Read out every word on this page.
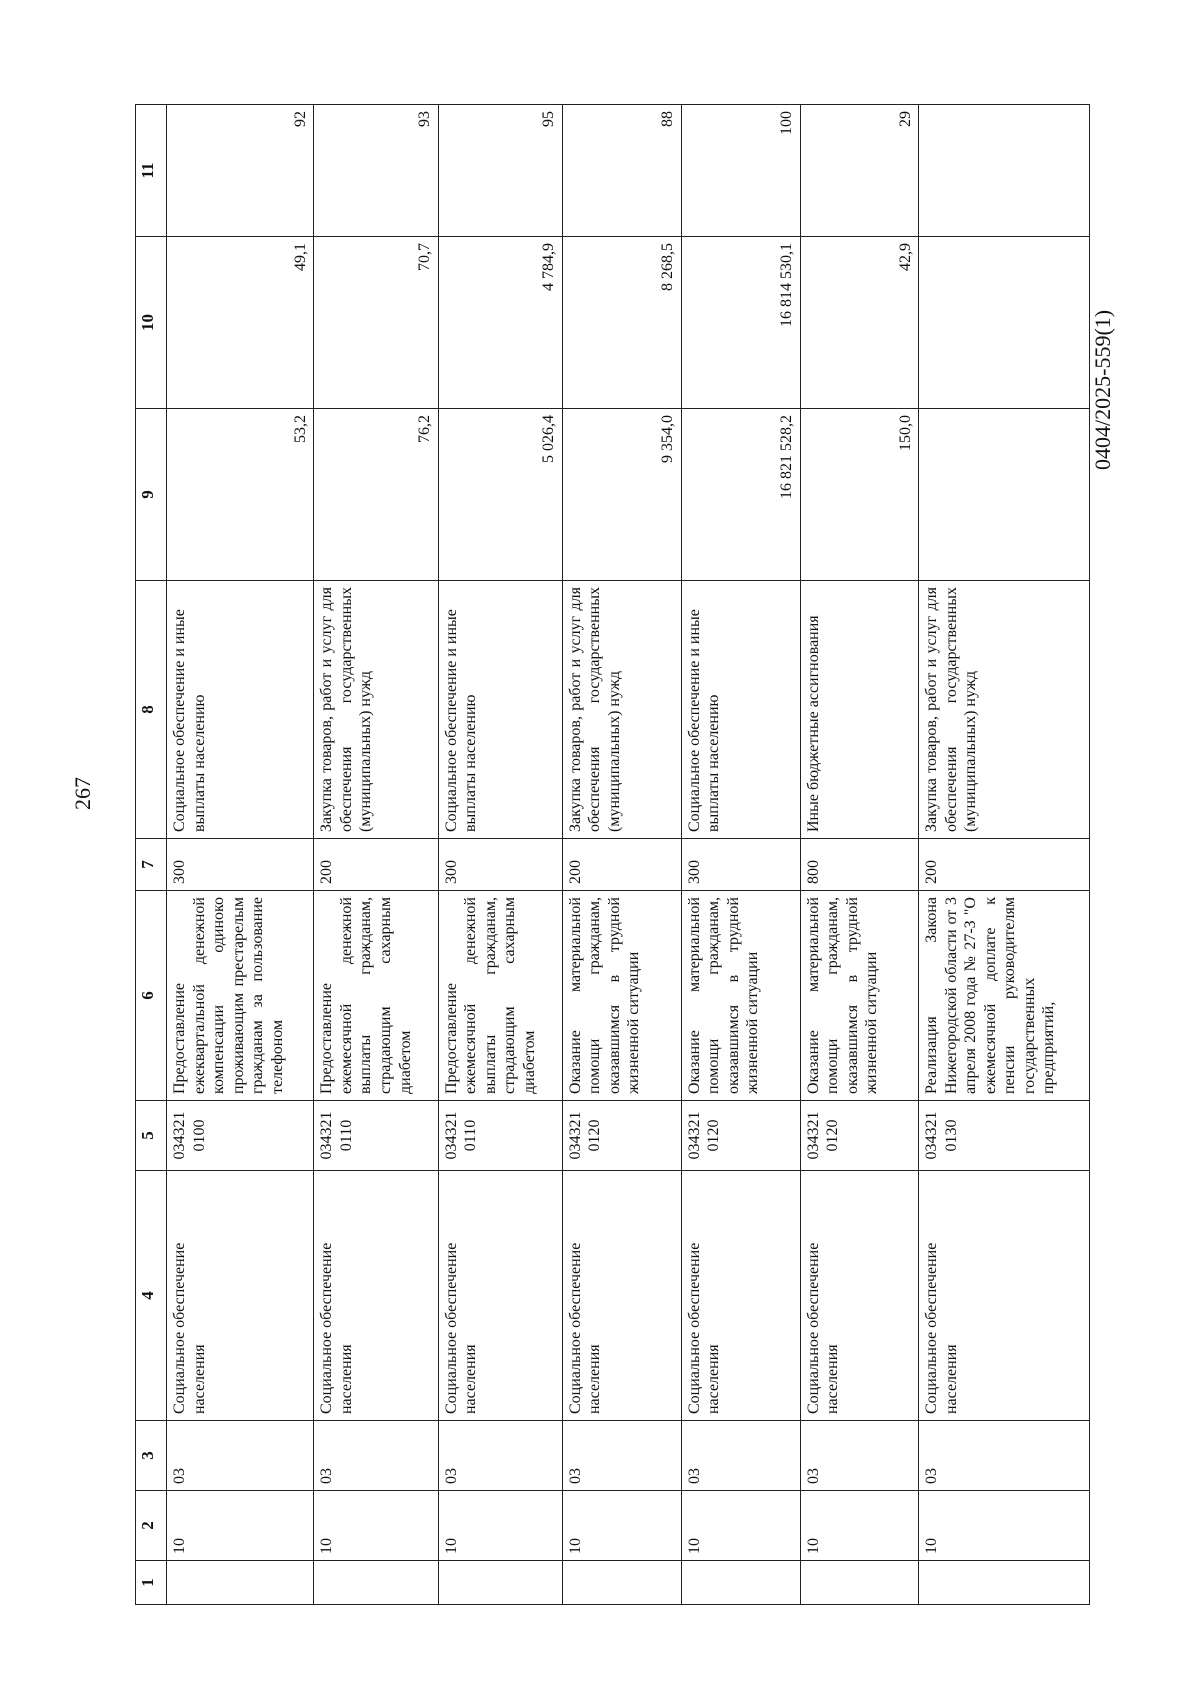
267
0404/2025-559(1)
1	2	3	4	5	6	7	8	9	10	11
	10	03	Социальное обеспечение населения	034321 0100	Предоставление ежеквартальной денежной компенсации одиноко проживающим престарелым гражданам за пользование телефоном	300	Социальное обеспечение и иные выплаты населению	53,2	49,1	92
	10	03	Социальное обеспечение населения	034321 0110	Предоставление ежемесячной денежной выплаты гражданам, страдающим сахарным диабетом	200	Закупка товаров, работ и услуг для обеспечения государственных (муниципальных) нужд	76,2	70,7	93
	10	03	Социальное обеспечение населения	034321 0110	Предоставление ежемесячной денежной выплаты гражданам, страдающим сахарным диабетом	300	Социальное обеспечение и иные выплаты населению	5 026,4	4 784,9	95
	10	03	Социальное обеспечение населения	034321 0120	Оказание материальной помощи гражданам, оказавшимся в трудной жизненной ситуации	200	Закупка товаров, работ и услуг для обеспечения государственных (муниципальных) нужд	9 354,0	8 268,5	88
	10	03	Социальное обеспечение населения	034321 0120	Оказание материальной помощи гражданам, оказавшимся в трудной жизненной ситуации	300	Социальное обеспечение и иные выплаты населению	16 821 528,2	16 814 530,1	100
	10	03	Социальное обеспечение населения	034321 0120	Оказание материальной помощи гражданам, оказавшимся в трудной жизненной ситуации	800	Иные бюджетные ассигнования	150,0	42,9	29
	10	03	Социальное обеспечение населения	034321 0130	Реализация Закона Нижегородской области от 3 апреля 2008 года № 27-З "О ежемесячной доплате к пенсии руководителям государственных предприятий,	200	Закупка товаров, работ и услуг для обеспечения государственных (муниципальных) нужд			
